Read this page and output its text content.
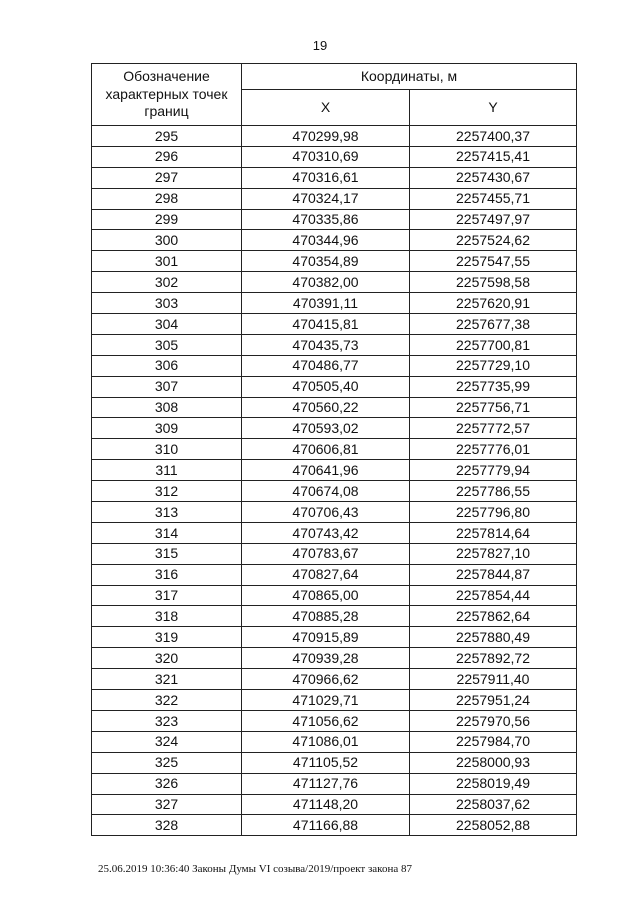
19
Обозначение характерных точек границ	Координаты, м	
	X	Y
295	470299,98	2257400,37
296	470310,69	2257415,41
297	470316,61	2257430,67
298	470324,17	2257455,71
299	470335,86	2257497,97
300	470344,96	2257524,62
301	470354,89	2257547,55
302	470382,00	2257598,58
303	470391,11	2257620,91
304	470415,81	2257677,38
305	470435,73	2257700,81
306	470486,77	2257729,10
307	470505,40	2257735,99
308	470560,22	2257756,71
309	470593,02	2257772,57
310	470606,81	2257776,01
311	470641,96	2257779,94
312	470674,08	2257786,55
313	470706,43	2257796,80
314	470743,42	2257814,64
315	470783,67	2257827,10
316	470827,64	2257844,87
317	470865,00	2257854,44
318	470885,28	2257862,64
319	470915,89	2257880,49
320	470939,28	2257892,72
321	470966,62	2257911,40
322	471029,71	2257951,24
323	471056,62	2257970,56
324	471086,01	2257984,70
325	471105,52	2258000,93
326	471127,76	2258019,49
327	471148,20	2258037,62
328	471166,88	2258052,88
25.06.2019 10:36:40 Законы Думы VI созыва/2019/проект закона 87
